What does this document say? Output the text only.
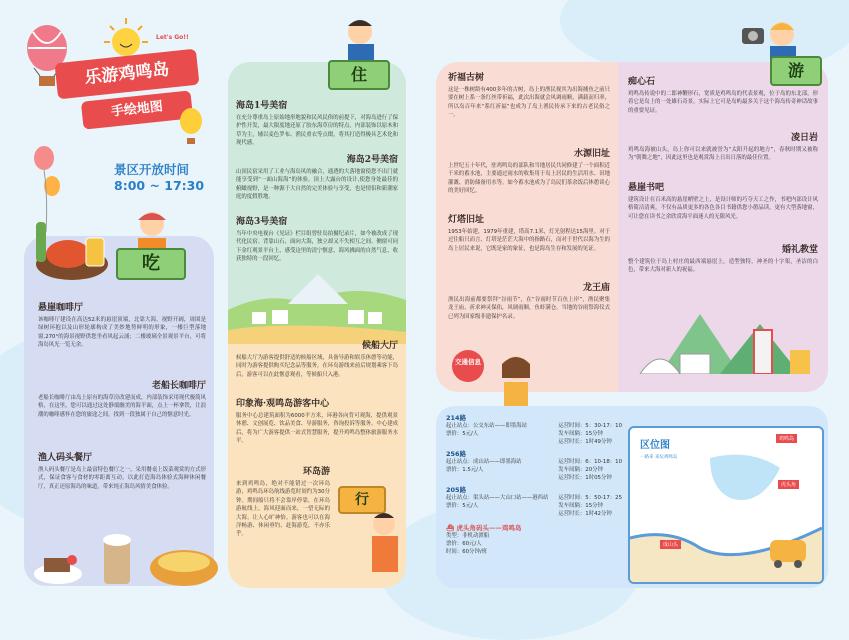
Let's Go!!
乐游鸡鸣岛
手绘地图
景区开放时间
8:00 ~ 17:30
吃
悬崖咖啡厅
该咖啡厅建设在高达52米的悬崖顶端，北靠大海，视野开阔，周围是绿树环抱以及山形轮廓构成了美妙地势鲜明的形象，一楼巨型落地窗,270°的海景视野供您坐看风起云涌；二楼玻璃全景观景平台，可将海岛风光一览无余。
老船长咖啡厅
老船长咖啡厅由岛上原有的海草房改建而成，内部装饰采用现代极简风格，在这里，您可以通过这处静谧幽美的海平面，点上一杯拿铁，让浪潮的咖啡感怀在您的旅途之间，找到一段独属于自己的惬意时光。
渔人码头餐厅
渔人码头餐厅是岛上最富特色餐厅之一，采用餐桌上饭菜观赏的方式形式，保证食客与食材的零距离互动，以此打造海岛体验式海鲜休闲餐厅，真正还原海岛的味道，带来纯正海岛风情美食体验。
住
海岛1号美宿
在充分尊重岛上原始地形地貌和民风民俗的前提下，对海岛进行了保护性开发，最大限度地还原了胶东海草房的特点，内部装饰以原木和草为主，辅以麦色罗布、渔民重衣等点缀，将其打造得极具艺术化和现代感。
海岛2号美宿
山顶民宿采用了工业与海岛风的融合，通透的大落地窗使您不出门就能享受到“一面山海海”的体验。顶上大露台的设计,使您身处最佳的俯瞰视野，是一种源于大自然的完美体验与享受，也是情侣和新潮家庭的度假胜地。
海岛3号美宿
当年中央电视台《见证》栏目组曾驻岛拍摄纪录片，如今被改成了现代化民宿。背靠山石、面向大海，独立却又不失相互之间。侧窗可同下金红观景平台上，感受这里的清宁惬意，海风拂面的自然气息，收获独特的一段回忆。
候船大厅
候船大厅为游客提供舒适的候船区域，具备导游和娱乐休憩等功能，同时为游客提供购买纪念品等服务，在环岛游线来前后规划乘客下岛后，游客可以在此惬意观看，等候船只入港。
印象海·观鸣岛游客中心
服务中心总建筑面积为6000平方米，环港各向背可观海，提供观景休憩、文创展览、饮品美食、导游服务，咨询投诉等服务。中心建成后，将为广大游客提供一站式智慧服务，提升鸡鸣岛整体旅游服务水平。
环岛游
来到鸡鸣岛，绝对不能错过一次环岛游，鸡鸣岛环岛航线游览时间约为30分钟。期间船只将不会靠岸停靠，在环岛游航线上，海风迎面而来，一望无际的大海，让人心旷神怡。游客也可以在海洋畅游、休闲垂钓、赶海游览，不亦乐乎。
行
游
祈福古树
这是一株树龄有400多年的古树，岛上的渔民视其为出海捕鱼之前只要在树上系一条红丝带祈福，此次出海就会风调雨顺，满载而归率，所以岛百年来“系红祈福”也成为了岛上渔民传承下来的古老民俗之一。
水源旧址
上世纪五十年代，驻鸡鸣岛的部队和当地居民共同修建了一个面积近千米的蓄水池，主要通过雨水的收集用于岛上居民的生活用水、田地灌溉、消防储备用水等。如今蓄水池成为了岛民们茶余饭后休憩谈心的美好回忆。
灯塔旧址
1953年始建，1979年重建，塔高7.1米，灯光射程达15海里。对于过往船只而言，灯塔是茫茫大海中的指路石，而对于世代以海为生的岛上居民来说，它既是家的象征，也是海岛生存和发展的见证。
龙王庙
渔民出海前都要祭拜“谷雨节”，在“谷雨时节百鱼上岸”，渔民聚集龙王庙，祈求神灵保佑，风调雨顺，鱼虾满仓。当地的谷雨祭海仪式已列为国家级非遗保护名录。
痴心石
鸡鸣岛传说中的二郎神鞭形石，宽质是鸡鸣岛的代表景观，位于岛的东北部，形着它是岛上的一处雄石奇景，实际上它可是岛屿最多关于这个海岛传奇神话故事的重要见证。
凌日岩
鸡鸣岛海被山头，岛上你可以来就被誉为“太阳升起的地方”，春秋时期又被称为“朝舞之地”，因此这里也是观赏海上日出日落的最佳位置。
悬崖书吧
建筑设计在百米高的悬崖峭壁之上，是设计师的巧夺天工之作，书吧内部设计风格简洁清爽，不仅有品质更多的各色各目书籍供您小憩品读，更有大型落地窗，可让您在读书之余欣赏海平面迷人的无限风光。
婚礼教堂
整个建筑位于岛上村庄的最西端悬崖上，造型独特，神圣的十字架，圣洁的白色，带来大海对新人的祝福。
交通信息
214路
起止站点：公交东站——即墨海站
票价：5元/人
运营时间：5：30-17：10
发车间隔：15分钟
运营时长：1时49分钟
256路
起止站点：成山站——即墨海站
票价：1.5元/人
运营时间：6：10-18：10
发车间隔：20分钟
运营时长：1时05分钟
205路
起止站点：渠头站——大山口站——港西站
票价：5元/人
运营时间：5：50-17：25
发车间隔：15分钟
运营时长：1时42分钟
⛴ 虎头角码头——鸡鸣岛
类型：非机动渡船
票价：60元/人
时间：60分钟/班
区位图
一路来 来玩鸡鸣岛
鸡鸣岛
虎头角
成山头
